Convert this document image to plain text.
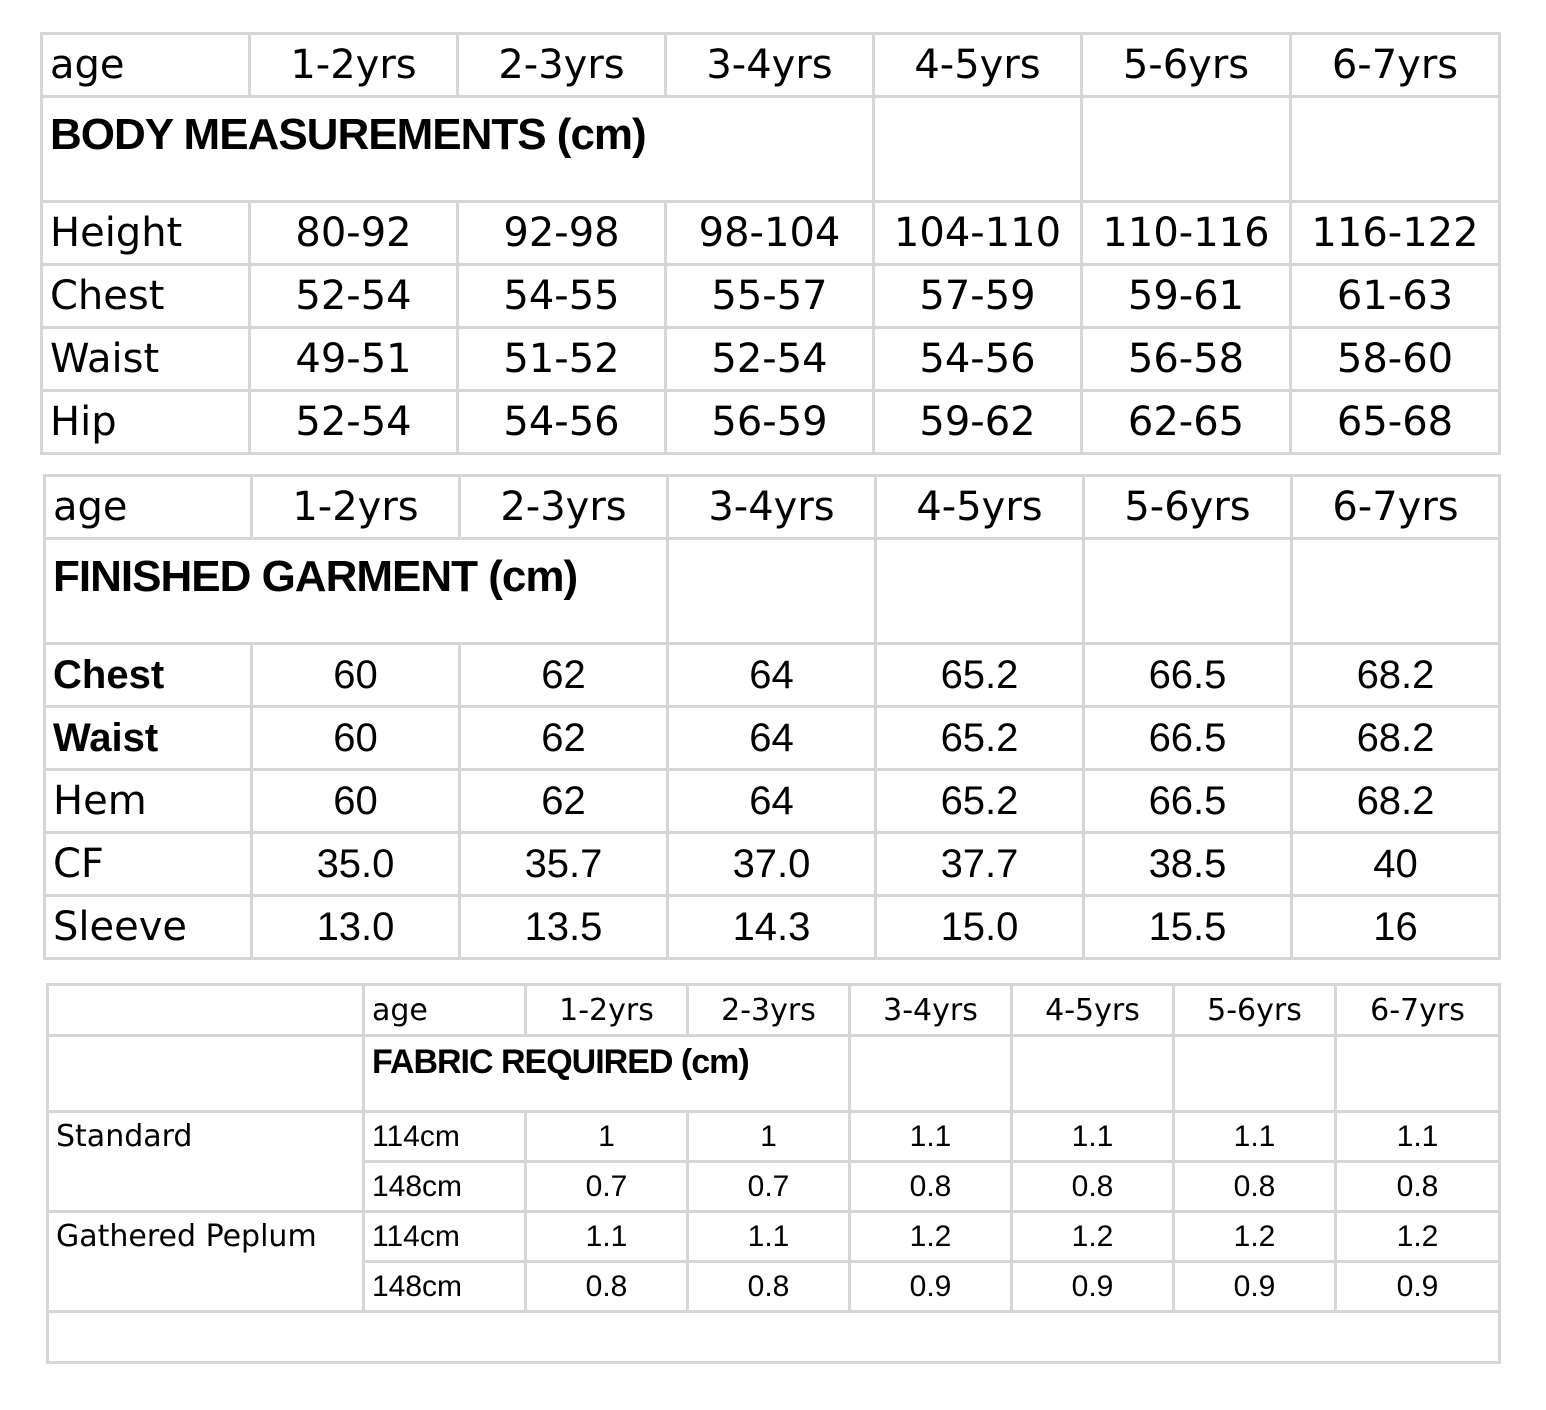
age	1-2yrs	2-3yrs	3-4yrs	4-5yrs	5-6yrs	6-7yrs
BODY MEASUREMENTS (cm)						
Height	80-92	92-98	98-104	104-110	110-116	116-122
Chest	52-54	54-55	55-57	57-59	59-61	61-63
Waist	49-51	51-52	52-54	54-56	56-58	58-60
Hip	52-54	54-56	56-59	59-62	62-65	65-68
age	1-2yrs	2-3yrs	3-4yrs	4-5yrs	5-6yrs	6-7yrs
FINISHED GARMENT (cm)						
Chest	60	62	64	65.2	66.5	68.2
Waist	60	62	64	65.2	66.5	68.2
Hem	60	62	64	65.2	66.5	68.2
CF	35.0	35.7	37.0	37.7	38.5	40
Sleeve	13.0	13.5	14.3	15.0	15.5	16
	age	1-2yrs	2-3yrs	3-4yrs	4-5yrs	5-6yrs	6-7yrs
	FABRIC REQUIRED (cm)						
Standard	114cm	1	1	1.1	1.1	1.1	1.1
	148cm	0.7	0.7	0.8	0.8	0.8	0.8
Gathered Peplum	114cm	1.1	1.1	1.2	1.2	1.2	1.2
	148cm	0.8	0.8	0.9	0.9	0.9	0.9
